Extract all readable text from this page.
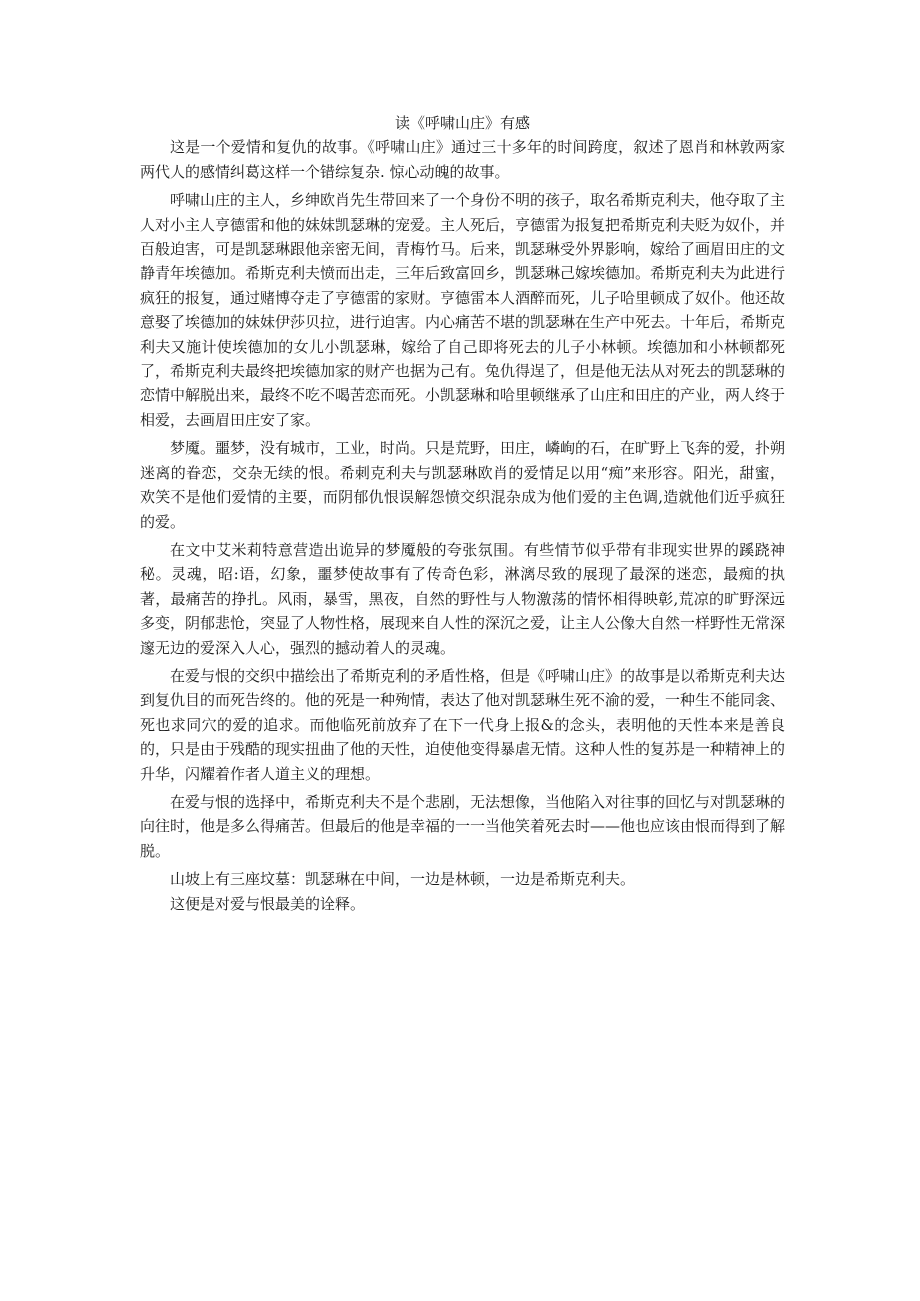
读《呼啸山庄》有感

这是一个爱情和复仇的故事。《呼啸山庄》通过三十多年的时间跨度，叙述了恩肖和林敦两家两代人的感情纠葛这样一个错综复杂. 惊心动魄的故事。

呼啸山庄的主人，乡绅欧肖先生带回来了一个身份不明的孩子，取名希斯克利夫，他夺取了主人对小主人亨德雷和他的妹妹凯瑟琳的宠爱。主人死后，亨德雷为报复把希斯克利夫贬为奴仆，并百般迫害，可是凯瑟琳跟他亲密无间，青梅竹马。后来，凯瑟琳受外界影响，嫁给了画眉田庄的文静青年埃德加。希斯克利夫愤而出走，三年后致富回乡，凯瑟琳己嫁埃德加。希斯克利夫为此进行疯狂的报复，通过赌博夺走了亨德雷的家财。亨德雷本人酒醉而死，儿子哈里顿成了奴仆。他还故意娶了埃德加的妹妹伊莎贝拉，进行迫害。内心痛苦不堪的凯瑟琳在生产中死去。十年后，希斯克利夫又施计使埃德加的女儿小凯瑟琳，嫁给了自己即将死去的儿子小林顿。埃德加和小林顿都死了，希斯克利夫最终把埃德加家的财产也据为己有。兔仇得逞了，但是他无法从对死去的凯瑟琳的恋情中解脱出来，最终不吃不喝苦恋而死。小凯瑟琳和哈里顿继承了山庄和田庄的产业，两人终于相爱，去画眉田庄安了家。

梦魇。噩梦，没有城市，工业，时尚。只是荒野，田庄，嶙峋的石，在旷野上飞奔的爱，扑朔迷离的眷恋，交杂无续的恨。希刺克利夫与凯瑟琳欧肖的爱情足以用“痴”来形容。阳光，甜蜜，欢笑不是他们爱情的主要，而阴郁仇恨误解怨愤交织混杂成为他们爱的主色调,造就他们近乎疯狂的爱。

在文中艾米莉特意营造出诡异的梦魇般的夸张氛围。有些情节似乎带有非现实世界的蹊跷神秘。灵魂，昭:语，幻象，噩梦使故事有了传奇色彩，淋漓尽致的展现了最深的迷恋，最痴的执著，最痛苦的挣扎。风雨，暴雪，黑夜，自然的野性与人物激荡的情怀相得映彰,荒凉的旷野深远多变，阴郁悲怆，突显了人物性格，展现来自人性的深沉之爱，让主人公像大自然一样野性无常深邃无边的爱深入人心，强烈的撼动着人的灵魂。

在爱与恨的交织中描绘出了希斯克利的矛盾性格，但是《呼啸山庄》的故事是以希斯克利夫达到复仇目的而死告终的。他的死是一种殉情，表达了他对凯瑟琳生死不渝的爱，一种生不能同衾、死也求同穴的爱的追求。而他临死前放弃了在下一代身上报&的念头，表明他的天性本来是善良的，只是由于残酷的现实扭曲了他的天性，迫使他变得暴虐无情。这种人性的复苏是一种精神上的升华，闪耀着作者人道主义的理想。

在爱与恨的选择中，希斯克利夫不是个悲剧，无法想像，当他陷入对往事的回忆与对凯瑟琳的向往时，他是多么得痛苦。但最后的他是幸福的一一当他笑着死去时——他也应该由恨而得到了解脱。

山坡上有三座坟墓：凯瑟琳在中间，一边是林顿，一边是希斯克利夫。

这便是对爱与恨最美的诠释。
